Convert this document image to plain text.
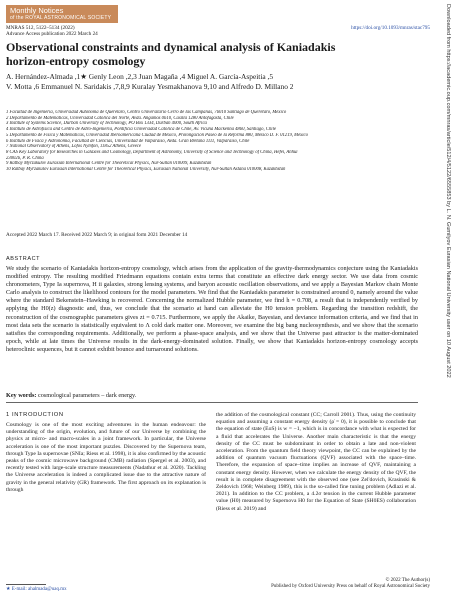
Monthly Notices
of the ROYAL ASTRONOMICAL SOCIETY
MNRAS 512, 5122–5134 (2022)
Advance Access publication 2022 March 24
https://doi.org/10.1093/mnras/stac795
Observational constraints and dynamical analysis of Kaniadakis
horizon-entropy cosmology
A. Hernández-Almada ,1★ Genly Leon ,2,3 Juan Magaña ,4 Miguel A. García-Aspeitia ,5
V. Motta ,6 Emmanuel N. Saridakis ,7,8,9 Kuralay Yesmakhanova 9,10 and Alfredo D. Millano 2
1 Facultad de Ingeniería, Universidad Autónoma de Querétaro, Centro Universitario Cerro de las Campanas, 76010 Santiago de Querétaro, México
2 Departamento de Matemáticas, Universidad Católica del Norte, Avda. Angamos 0610, Casilla 1280 Antofagasta, Chile
3 Institute of Systems Science, Durban University of Technology, PO Box 1334, Durban 4000, South Africa
4 Instituto de Astrofísica and Centro de Astro-Ingeniería, Pontificia Universidad Católica de Chile, Av. Vicuña Mackenna 4860, Santiago, Chile
5 Departamento de Física y Matemáticas, Universidad Iberoamericana Ciudad de México, Prolongación Paseo de la Reforma 880, México D. F. 01219, México
6 Instituto de Física y Astronomía, Facultad de Ciencias, Universidad de Valparaíso, Avda. Gran Bretaña 1111, Valparaíso, Chile
7 National Observatory of Athens, Lofos Nymfon, 11852 Athens, Greece
8 CAS Key Laboratory for Researches in Galaxies and Cosmology, Department of Astronomy, University of Science and Technology of China, Hefei, Anhui
230026, P. R. China
9 Ratbay Myrzakulov Eurasian International Centre for Theoretical Physics, Nur-Sultan 010009, Kazakhstan
10 Ratbay Myrzakulov Eurasian International Centre for Theoretical Physics, Eurasian National University, Nur-Sultan Astana 010008, Kazakhstan
Accepted 2022 March 17. Received 2022 March 9; in original form 2021 December 14
ABSTRACT
We study the scenario of Kaniadakis horizon-entropy cosmology, which arises from the application of the gravity-thermodynamics conjecture using the Kaniadakis modified entropy. The resulting modified Friedmann equations contain extra terms that constitute an effective dark energy sector. We use data from cosmic chronometers, Type Ia supernova, H ii galaxies, strong lensing systems, and baryon acoustic oscillation observations, and we apply a Bayesian Markov chain Monte Carlo analysis to construct the likelihood contours for the model parameters. We find that the Kaniadakis parameter is constrained around 0, namely around the value where the standard Bekenstein–Hawking is recovered. Concerning the normalized Hubble parameter, we find h = 0.708, a result that is independently verified by applying the H0(z) diagnostic and, thus, we conclude that the scenario at hand can alleviate the H0 tension problem. Regarding the transition redshift, the reconstruction of the cosmographic parameters gives zt = 0.715. Furthermore, we apply the Akaike, Bayesian, and deviance information criteria, and we find that in most data sets the scenario is statistically equivalent to Λ cold dark matter one. Moreover, we examine the big bang nucleosynthesis, and we show that the scenario satisfies the corresponding requirements. Additionally, we perform a phase-space analysis, and we show that the Universe past attractor is the matter-dominated epoch, while at late times the Universe results in the dark-energy-dominated solution. Finally, we show that Kaniadakis horizon-entropy cosmology accepts heteroclinic sequences, but it cannot exhibit bounce and turnaround solutions.
Key words: cosmological parameters – dark energy.
1 INTRODUCTION
Cosmology is one of the most exciting adventures in the human endeavour: the understanding of the origin, evolution, and future of our Universe by combining the physics at micro- and macro-scales in a joint framework. In particular, the Universe acceleration is one of the most important puzzles. Discovered by the Supernova team, through Type Ia supernovae (SNIa; Riess et al. 1998), it is also confirmed by the acoustic peaks of the cosmic microwave background (CMB) radiation (Spergel et al. 2003), and recently tested with large-scale structure measurements (Nadathur et al. 2020). Tackling the Universe acceleration is indeed a complicated issue due to the attractive nature of gravity in the general relativity (GR) framework. The first approach on its explanation is through
the addition of the cosmological constant (CC; Carroll 2001). Thus, using the continuity equation and assuming a constant energy density (ρ̇ = 0), it is possible to conclude that the equation of state (EoS) is w = −1, which is in concordance with what is expected for a fluid that accelerates the Universe. Another main characteristic is that the energy density of the CC must be subdominant in order to obtain a late and non-violent acceleration. From the quantum field theory viewpoint, the CC can be explained by the addition of quantum vacuum fluctuations (QVF) associated with the space–time. Therefore, the expansion of space–time implies an increase of QVF, maintaining a constant energy density. However, when we calculate the energy density of the QVF, the result is in complete disagreement with the observed one (see Zel'dovich, Krasinski & Zeldovich 1968; Weinberg 1989), this is the so-called fine tuning problem (Adlazi et al. 2021). In addition to the CC problem, a 4.2σ tension in the current Hubble parameter value (H0) measured by Supernova H0 for the Equation of State (SH0ES) collaboration (Riess et al. 2019) and
★ E-mail: ahalmada@uaq.mx
© 2022 The Author(s)
Published by Oxford University Press on behalf of Royal Astronomical Society
Downloaded from https://academic.oup.com/mnras/article/512/4/5122/6555853 by L. N. Gumilyov Eurasian National University user on 10 August 2022
